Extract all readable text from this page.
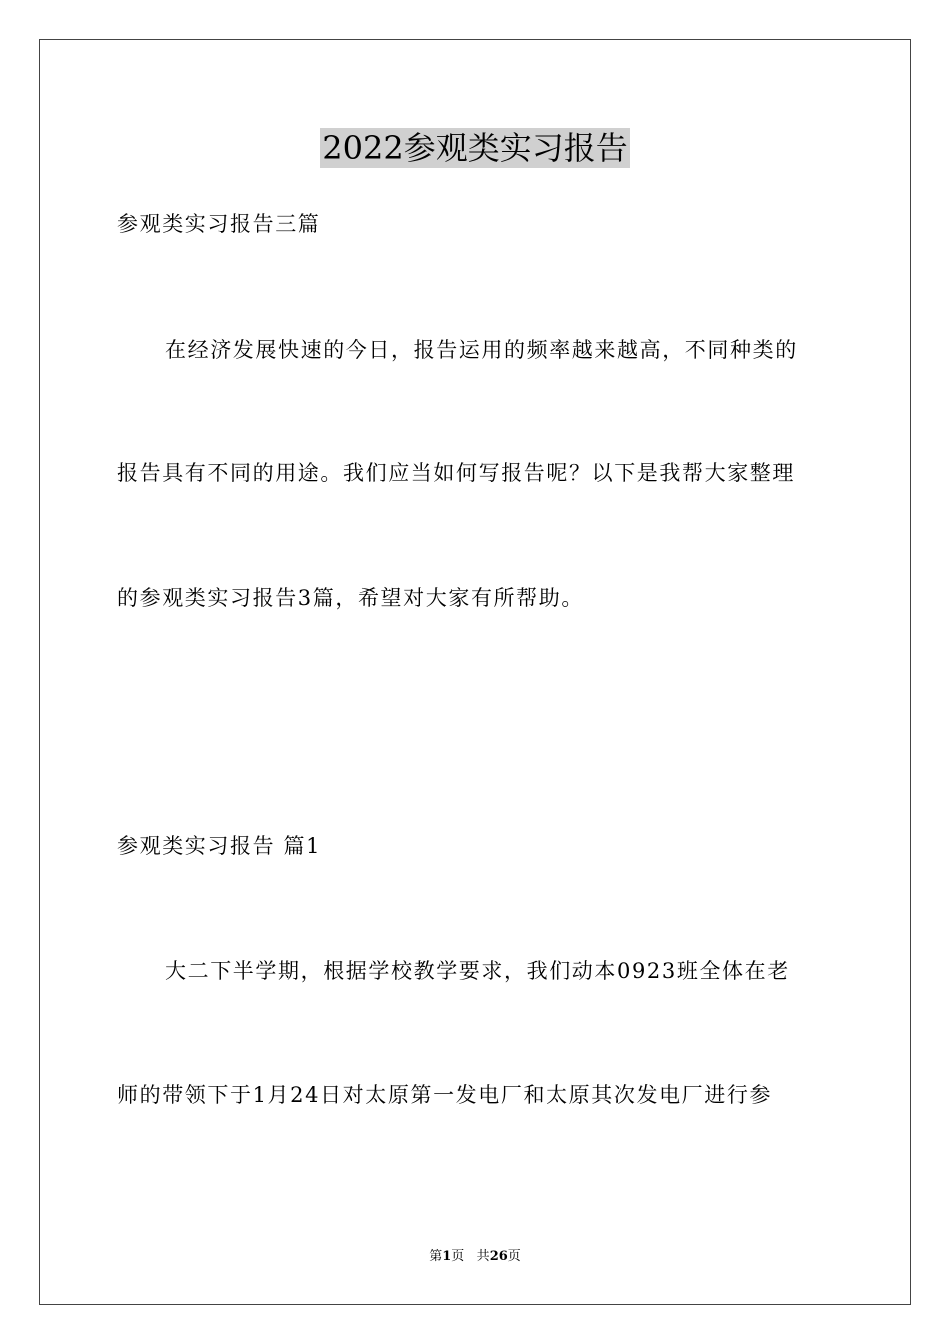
2022参观类实习报告
参观类实习报告三篇
在经济发展快速的今日，报告运用的频率越来越高，不同种类的
报告具有不同的用途。我们应当如何写报告呢？以下是我帮大家整理
的参观类实习报告3篇，希望对大家有所帮助。
参观类实习报告 篇1
大二下半学期，根据学校教学要求，我们动本0923班全体在老
师的带领下于1月24日对太原第一发电厂和太原其次发电厂进行参
第1页 共26页
